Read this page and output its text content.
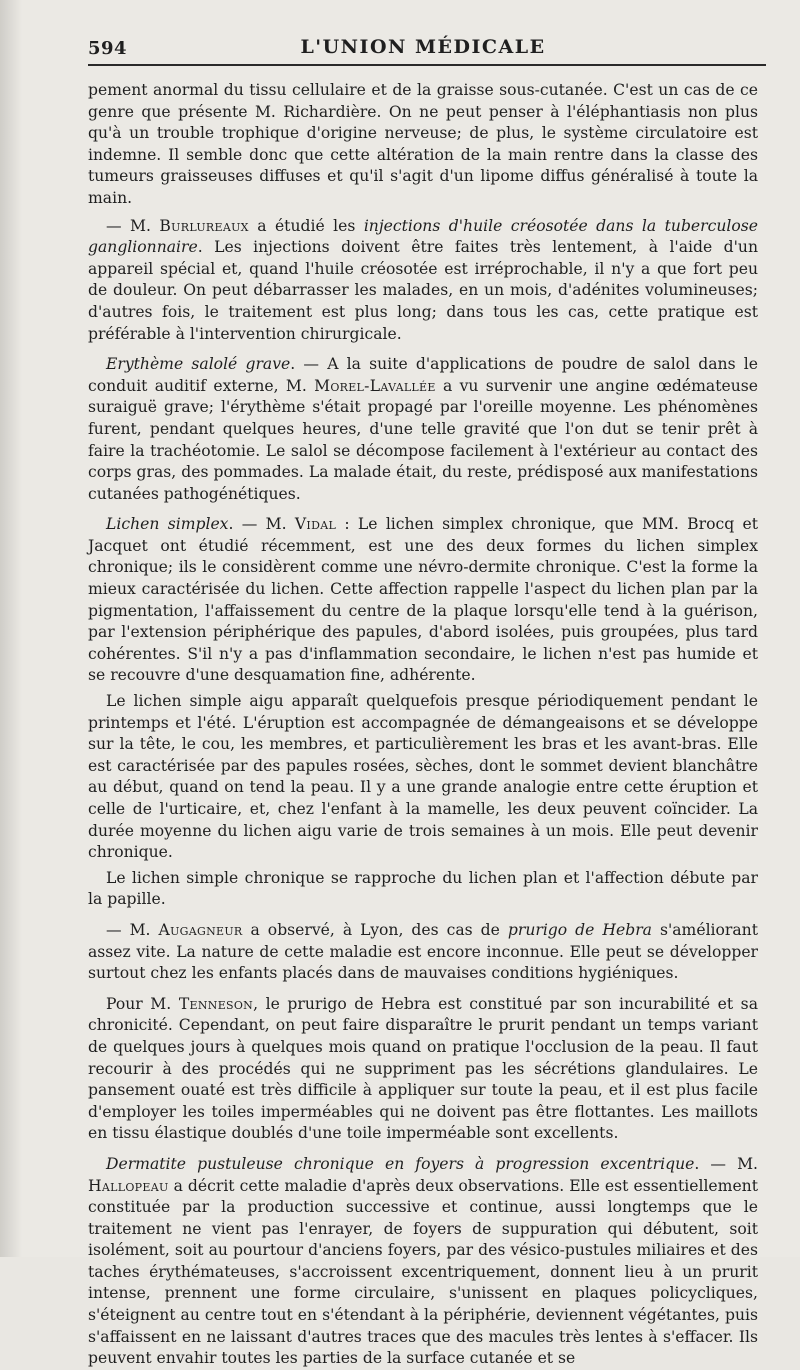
594	L'UNION MÉDICALE

pement anormal du tissu cellulaire et de la graisse sous-cutanée. C'est un cas de ce genre que présente M. Richardière. On ne peut penser à l'éléphantiasis non plus qu'à un trouble trophique d'origine nerveuse; de plus, le système circulatoire est indemne. Il semble donc que cette altération de la main rentre dans la classe des tumeurs graisseuses diffuses et qu'il s'agit d'un lipome diffus généralisé à toute la main.

— M. Burlureaux a étudié les injections d'huile créosotée dans la tuberculose ganglionnaire. Les injections doivent être faites très lentement, à l'aide d'un appareil spécial et, quand l'huile créosotée est irréprochable, il n'y a que fort peu de douleur. On peut débarrasser les malades, en un mois, d'adénites volumineuses; d'autres fois, le traitement est plus long; dans tous les cas, cette pratique est préférable à l'intervention chirurgicale.

Erythème salolé grave. — A la suite d'applications de poudre de salol dans le conduit auditif externe, M. Morel-Lavallée a vu survenir une angine œdémateuse suraiguë grave; l'érythème s'était propagé par l'oreille moyenne. Les phénomènes furent, pendant quelques heures, d'une telle gravité que l'on dut se tenir prêt à faire la trachéotomie. Le salol se décompose facilement à l'extérieur au contact des corps gras, des pommades. La malade était, du reste, prédisposé aux manifestations cutanées pathogénétiques.

Lichen simplex. — M. Vidal : Le lichen simplex chronique, que MM. Brocq et Jacquet ont étudié récemment, est une des deux formes du lichen simplex chronique; ils le considèrent comme une névro-dermite chronique. C'est la forme la mieux caractérisée du lichen. Cette affection rappelle l'aspect du lichen plan par la pigmentation, l'affaissement du centre de la plaque lorsqu'elle tend à la guérison, par l'extension périphérique des papules, d'abord isolées, puis groupées, plus tard cohérentes. S'il n'y a pas d'inflammation secondaire, le lichen n'est pas humide et se recouvre d'une desquamation fine, adhérente.

Le lichen simple aigu apparaît quelquefois presque périodiquement pendant le printemps et l'été. L'éruption est accompagnée de démangeaisons et se développe sur la tête, le cou, les membres, et particulièrement les bras et les avant-bras. Elle est caractérisée par des papules rosées, sèches, dont le sommet devient blanchâtre au début, quand on tend la peau. Il y a une grande analogie entre cette éruption et celle de l'urticaire, et, chez l'enfant à la mamelle, les deux peuvent coïncider. La durée moyenne du lichen aigu varie de trois semaines à un mois. Elle peut devenir chronique.

Le lichen simple chronique se rapproche du lichen plan et l'affection débute par la papille.

— M. Augagneur a observé, à Lyon, des cas de prurigo de Hebra s'améliorant assez vite. La nature de cette maladie est encore inconnue. Elle peut se développer surtout chez les enfants placés dans de mauvaises conditions hygiéniques.

Pour M. Tenneson, le prurigo de Hebra est constitué par son incurabilité et sa chronicité. Cependant, on peut faire disparaître le prurit pendant un temps variant de quelques jours à quelques mois quand on pratique l'occlusion de la peau. Il faut recourir à des procédés qui ne suppriment pas les sécrétions glandulaires. Le pansement ouaté est très difficile à appliquer sur toute la peau, et il est plus facile d'employer les toiles imperméables qui ne doivent pas être flottantes. Les maillots en tissu élastique doublés d'une toile imperméable sont excellents.

Dermatite pustuleuse chronique en foyers à progression excentrique. — M. Hallopeau a décrit cette maladie d'après deux observations. Elle est essentiellement constituée par la production successive et continue, aussi longtemps que le traitement ne vient pas l'enrayer, de foyers de suppuration qui débutent, soit isolément, soit au pourtour d'anciens foyers, par des vésico-pustules miliaires et des taches érythémateuses, s'accroissent excentriquement, donnent lieu à un prurit intense, prennent une forme circulaire, s'unissent en plaques policycliques, s'éteignent au centre tout en s'étendant à la périphérie, deviennent végétantes, puis s'affaissent en ne laissant d'autres traces que des macules très lentes à s'effacer. Ils peuvent envahir toutes les parties de la surface cutanée et se
